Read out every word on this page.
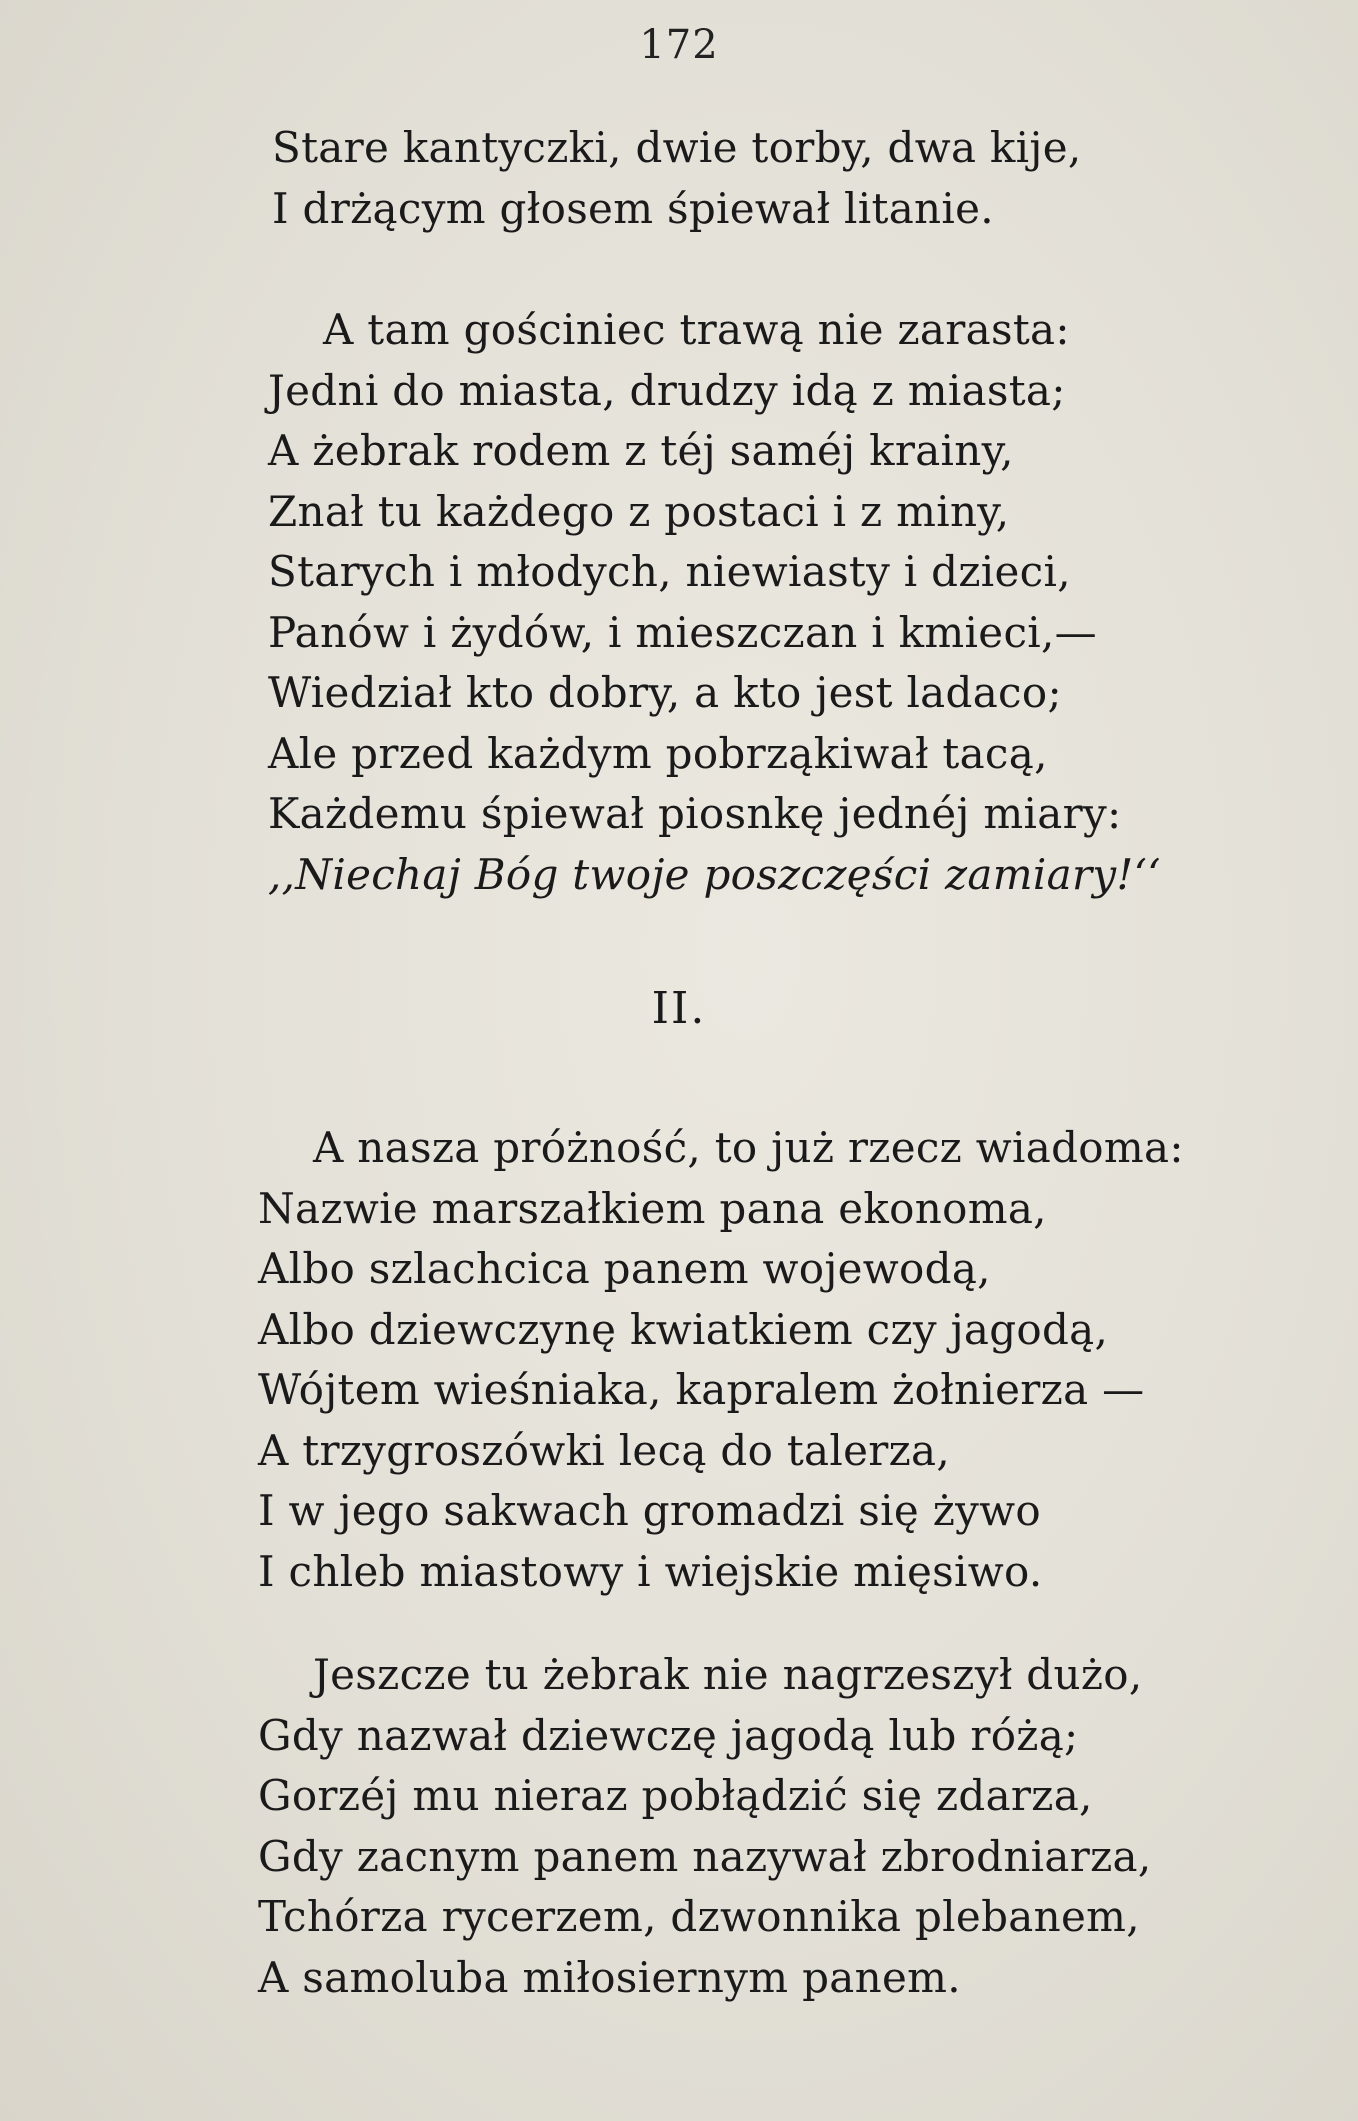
172
Stare kantyczki, dwie torby, dwa kije,
I drżącym głosem śpiewał litanie.
A tam gościniec trawą nie zarasta:
Jedni do miasta, drudzy idą z miasta;
A żebrak rodem z téj saméj krainy,
Znał tu każdego z postaci i z miny,
Starych i młodych, niewiasty i dzieci,
Panów i żydów, i mieszczan i kmieci,—
Wiedział kto dobry, a kto jest ladaco;
Ale przed każdym pobrząkiwał tacą,
Każdemu śpiewał piosnkę jednéj miary:
,,Niechaj Bóg twoje poszczęści zamiary!‘‘
II.
A nasza próżność, to już rzecz wiadoma:
Nazwie marszałkiem pana ekonoma,
Albo szlachcica panem wojewodą,
Albo dziewczynę kwiatkiem czy jagodą,
Wójtem wieśniaka, kapralem żołnierza —
A trzygroszówki lecą do talerza,
I w jego sakwach gromadzi się żywo
I chleb miastowy i wiejskie mięsiwo.
Jeszcze tu żebrak nie nagrzeszył dużo,
Gdy nazwał dziewczę jagodą lub różą;
Gorzéj mu nieraz pobłądzić się zdarza,
Gdy zacnym panem nazywał zbrodniarza,
Tchórza rycerzem, dzwonnika plebanem,
A samoluba miłosiernym panem.
